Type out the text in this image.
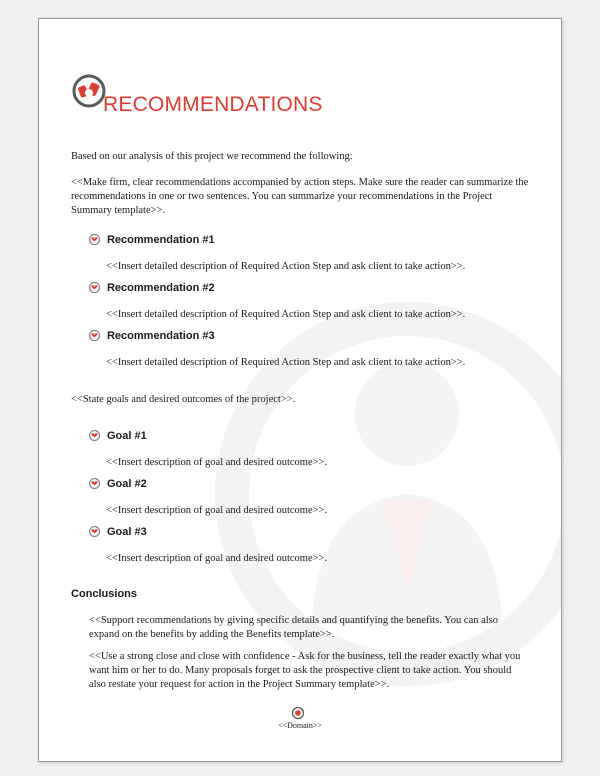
RECOMMENDATIONS
Based on our analysis of this project we recommend the following:
<<Make firm, clear recommendations accompanied by action steps. Make sure the reader can summarize the recommendations in one or two sentences. You can summarize your recommendations in the Project Summary template>>.
Recommendation #1
<<Insert detailed description of Required Action Step and ask client to take action>>.
Recommendation #2
<<Insert detailed description of Required Action Step and ask client to take action>>.
Recommendation #3
<<Insert detailed description of Required Action Step and ask client to take action>>.
<<State goals and desired outcomes of the project>>.
Goal #1
<<Insert description of goal and desired outcome>>.
Goal #2
<<Insert description of goal and desired outcome>>.
Goal #3
<<Insert description of goal and desired outcome>>.
Conclusions
<<Support recommendations by giving specific details and quantifying the benefits. You can also expand on the benefits by adding the Benefits template>>.
<<Use a strong close and close with confidence - Ask for the business, tell the reader exactly what you want him or her to do. Many proposals forget to ask the prospective client to take action. You should also restate your request for action in the Project Summary template>>.
<<Domain>>
